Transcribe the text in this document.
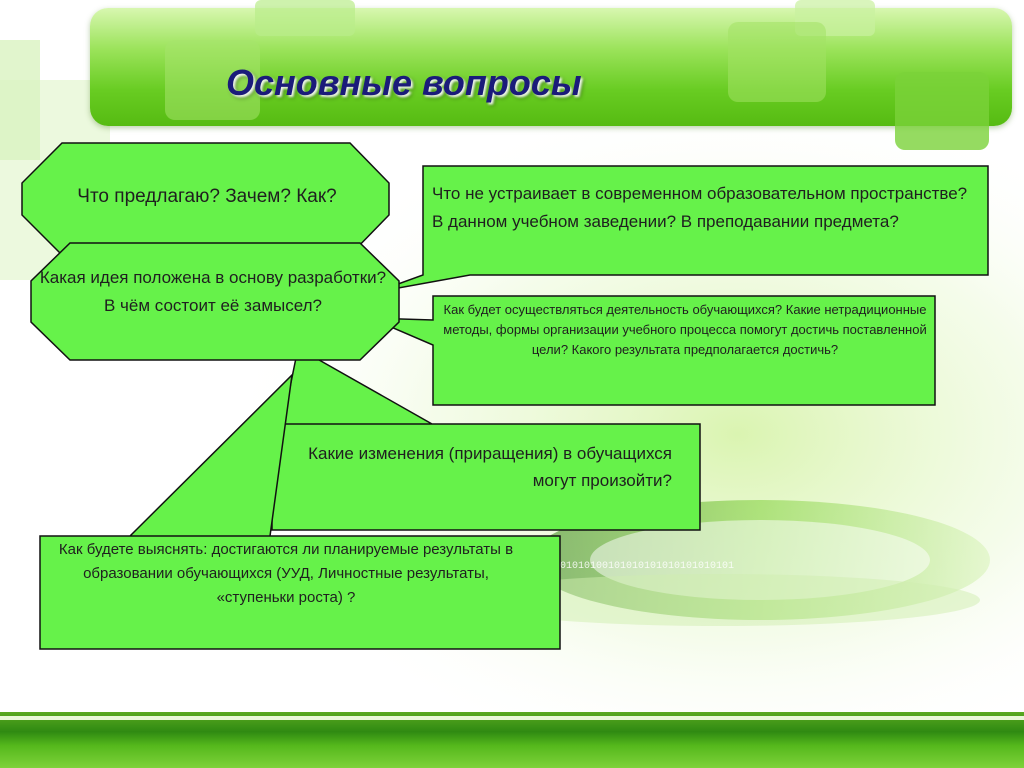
01010100101010101010101010101
Основные вопросы
Что предлагаю? Зачем? Как?	Что не устраивает в современном образовательном пространстве? В данном учебном заведении? В преподавании предмета?
Какая идея положена в основу разработки? В чём состоит её замысел?	Как будет осуществляться деятельность обучающихся? Какие нетрадиционные методы, формы организации учебного процесса помогут достичь поставленной цели? Какого результата предполагается достичь?
Какие изменения (приращения) в обучащихся могут произойти?
Как будете выяснять: достигаются ли планируемые результаты в образовании обучающихся (УУД, Личностные результаты, «ступеньки роста) ?
